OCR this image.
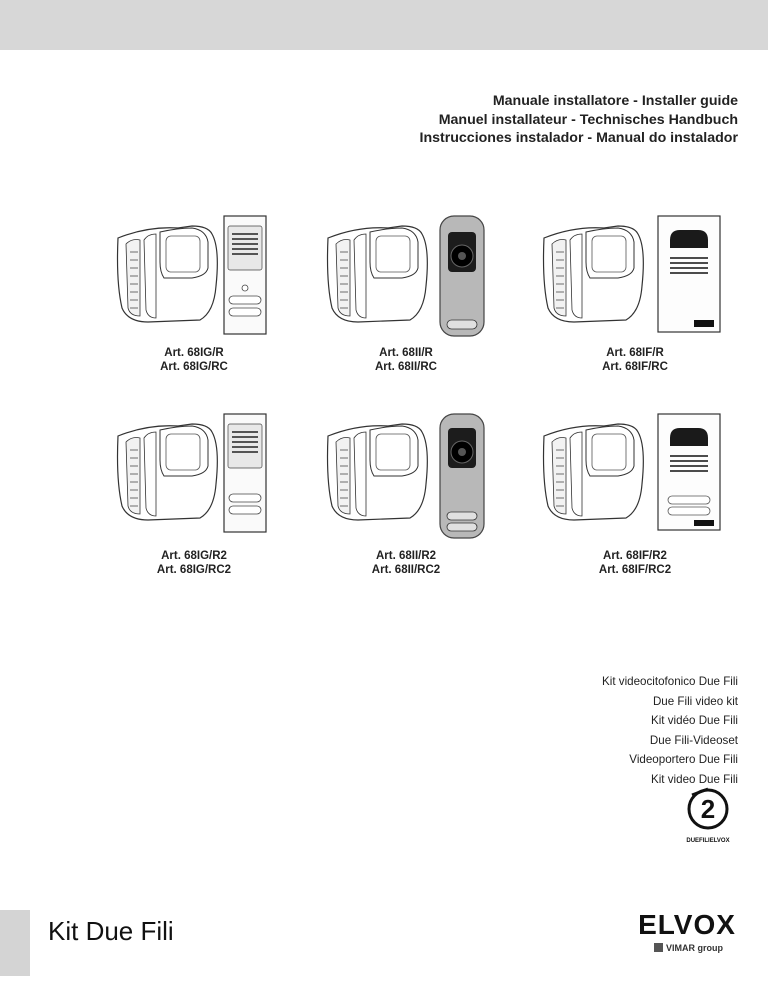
Manuale installatore - Installer guide
Manuel installateur - Technisches Handbuch
Instrucciones instalador - Manual do instalador
Art. 68IG/R
Art. 68IG/RC
Art. 68II/R
Art. 68II/RC
Art. 68IF/R
Art. 68IF/RC
Art. 68IG/R2
Art. 68IG/RC2
Art. 68II/R2
Art. 68II/RC2
Art. 68IF/R2
Art. 68IF/RC2
Kit videocitofonico Due Fili
Due Fili video kit
Kit vidéo Due Fili
Due Fili-Videoset
Videoportero Due Fili
Kit video Due Fili
2
DUEFILIELVOX
Kit Due Fili	ELVOX
VIMAR group
